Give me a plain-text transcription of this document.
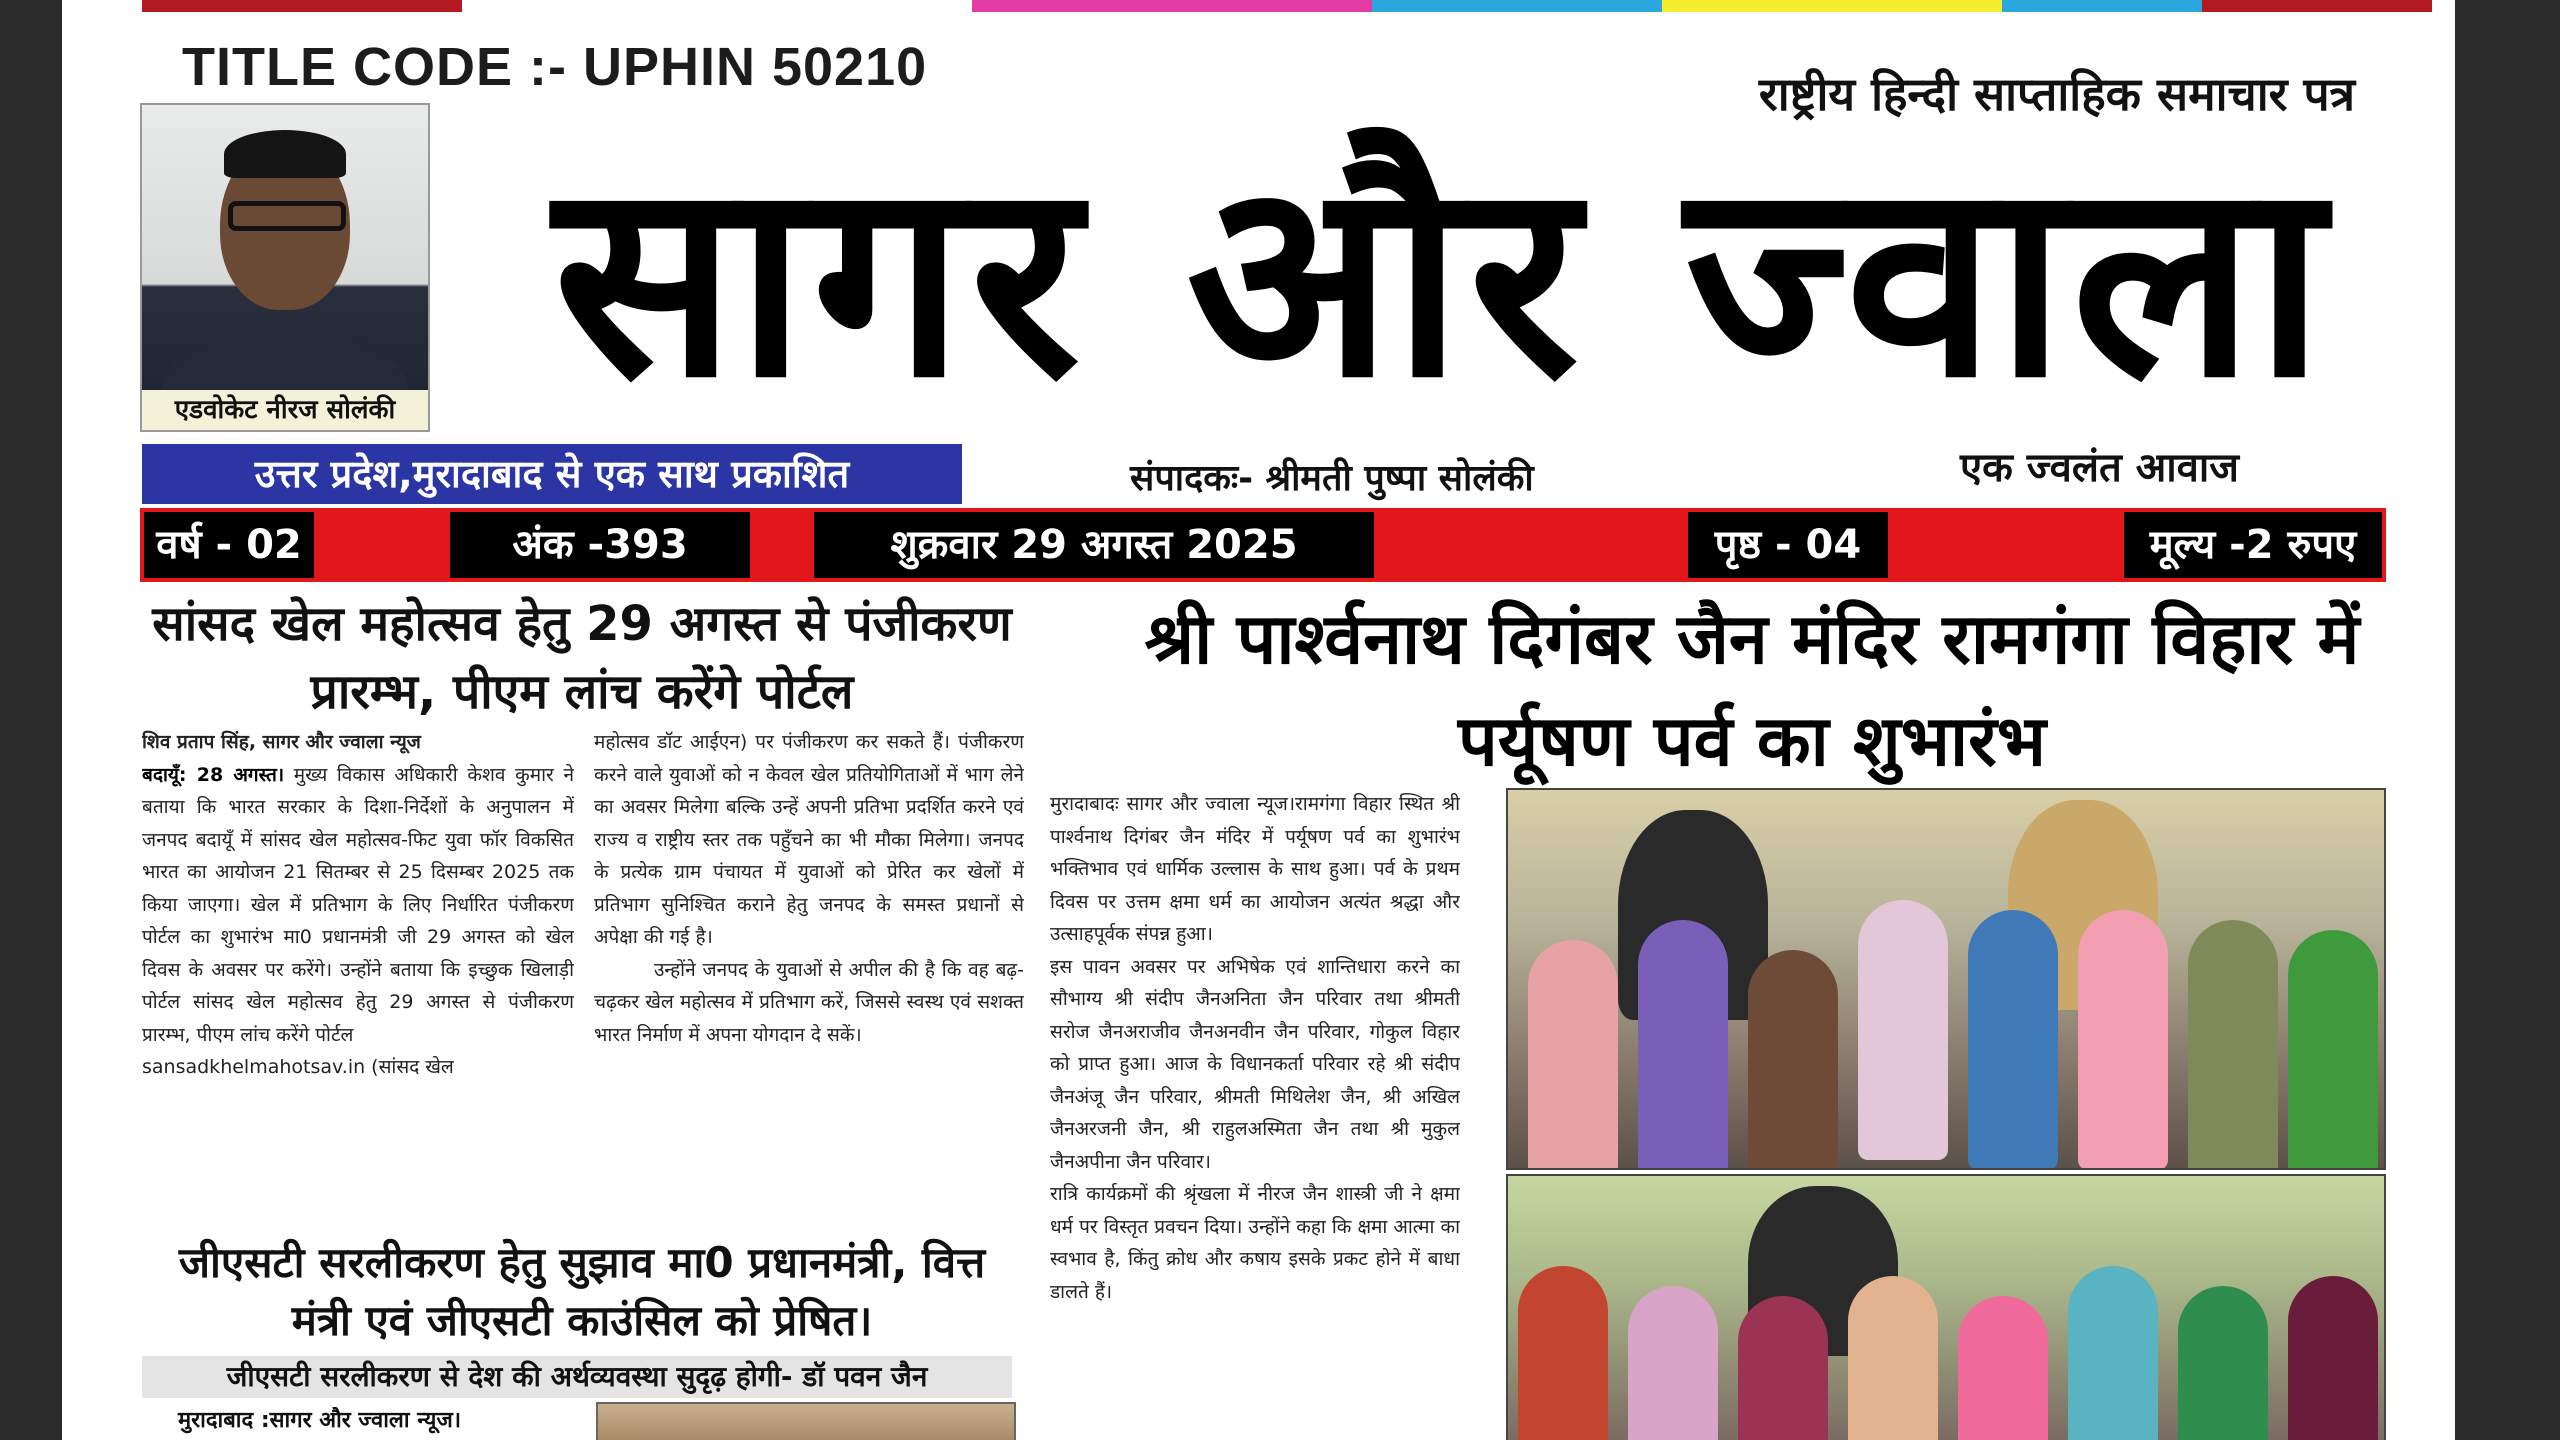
TITLE CODE :- UPHIN 50210
एडवोकेट नीरज सोलंकी
राष्ट्रीय हिन्दी साप्ताहिक समाचार पत्र
सागर और ज्वाला
उत्तर प्रदेश,मुरादाबाद से एक साथ प्रकाशित	संपादकः- श्रीमती पुष्पा सोलंकी	एक ज्वलंत आवाज
वर्ष - 02	अंक -393	शुक्रवार 29 अगस्त 2025	पृष्ठ - 04	मूल्य -2 रुपए
सांसद खेल महोत्सव हेतु 29 अगस्त से पंजीकरण प्रारम्भ, पीएम लांच करेंगे पोर्टल

शिव प्रताप सिंह, सागर और ज्वाला न्यूज
बदायूँ: 28 अगस्त। मुख्य विकास अधिकारी केशव कुमार ने बताया कि भारत सरकार के दिशा-निर्देशों के अनुपालन में जनपद बदायूँ में सांसद खेल महोत्सव-फिट युवा फॉर विकसित भारत का आयोजन 21 सितम्बर से 25 दिसम्बर 2025 तक किया जाएगा। खेल में प्रतिभाग के लिए निर्धारित पंजीकरण पोर्टल का शुभारंभ मा0 प्रधानमंत्री जी 29 अगस्त को खेल दिवस के अवसर पर करेंगे। उन्होंने बताया कि इच्छुक खिलाड़ी पोर्टल सांसद खेल महोत्सव हेतु 29 अगस्त से पंजीकरण प्रारम्भ, पीएम लांच करेंगे पोर्टल
sansadkhelmahotsav.in (सांसद खेल

महोत्सव डॉट आईएन) पर पंजीकरण कर सकते हैं। पंजीकरण करने वाले युवाओं को न केवल खेल प्रतियोगिताओं में भाग लेने का अवसर मिलेगा बल्कि उन्हें अपनी प्रतिभा प्रदर्शित करने एवं राज्य व राष्ट्रीय स्तर तक पहुँचने का भी मौका मिलेगा। जनपद के प्रत्येक ग्राम पंचायत में युवाओं को प्रेरित कर खेलों में प्रतिभाग सुनिश्चित कराने हेतु जनपद के समस्त प्रधानों से अपेक्षा की गई है।

उन्होंने जनपद के युवाओं से अपील की है कि वह बढ़-चढ़कर खेल महोत्सव में प्रतिभाग करें, जिससे स्वस्थ एवं सशक्त भारत निर्माण में अपना योगदान दे सकें।

श्री पार्श्वनाथ दिगंबर जैन मंदिर रामगंगा विहार में पर्यूषण पर्व का शुभारंभ

मुरादाबादः सागर और ज्वाला न्यूज।रामगंगा विहार स्थित श्री पार्श्वनाथ दिगंबर जैन मंदिर में पर्यूषण पर्व का शुभारंभ भक्तिभाव एवं धार्मिक उल्लास के साथ हुआ। पर्व के प्रथम दिवस पर उत्तम क्षमा धर्म का आयोजन अत्यंत श्रद्धा और उत्साहपूर्वक संपन्न हुआ।

इस पावन अवसर पर अभिषेक एवं शान्तिधारा करने का सौभाग्य श्री संदीप जैनअनिता जैन परिवार तथा श्रीमती सरोज जैनअराजीव जैनअनवीन जैन परिवार, गोकुल विहार को प्राप्त हुआ। आज के विधानकर्ता परिवार रहे श्री संदीप जैनअंजू जैन परिवार, श्रीमती मिथिलेश जैन, श्री अखिल जैनअरजनी जैन, श्री राहुलअस्मिता जैन तथा श्री मुकुल जैनअपीना जैन परिवार।

रात्रि कार्यक्रमों की श्रृंखला में नीरज जैन शास्त्री जी ने क्षमा धर्म पर विस्तृत प्रवचन दिया। उन्होंने कहा कि क्षमा आत्मा का स्वभाव है, किंतु क्रोध और कषाय इसके प्रकट होने में बाधा डालते हैं।

जीएसटी सरलीकरण हेतु सुझाव मा0 प्रधानमंत्री, वित्त मंत्री एवं जीएसटी काउंसिल को प्रेषित।
जीएसटी सरलीकरण से देश की अर्थव्यवस्था सुदृढ़ होगी- डॉ पवन जैन
मुरादाबाद :सागर और ज्वाला न्यूज।
